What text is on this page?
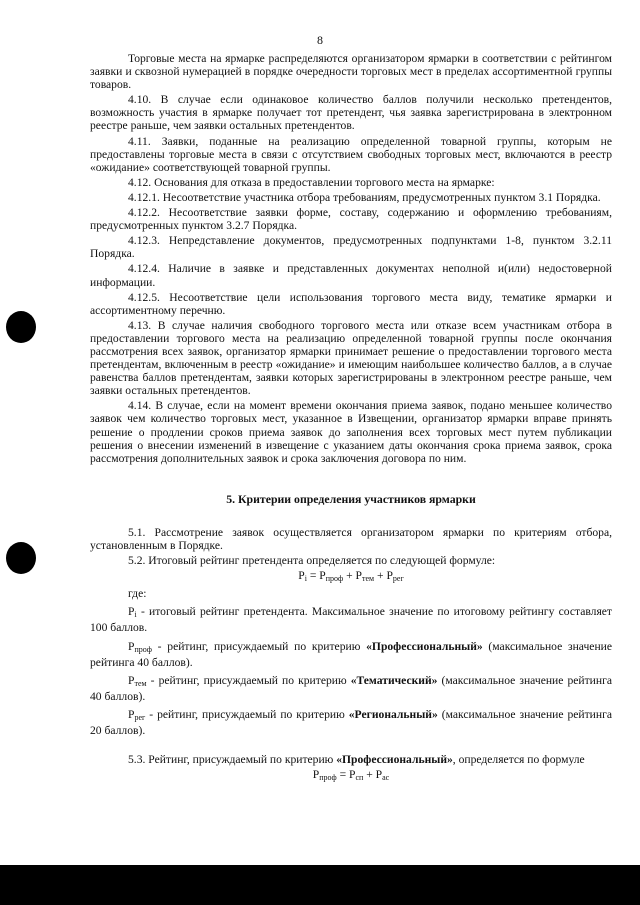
8

Торговые места на ярмарке распределяются организатором ярмарки в соответствии с рейтингом заявки и сквозной нумерацией в порядке очередности торговых мест в пределах ассортиментной группы товаров.

4.10. В случае если одинаковое количество баллов получили несколько претендентов, возможность участия в ярмарке получает тот претендент, чья заявка зарегистрирована в электронном реестре раньше, чем заявки остальных претендентов.

4.11. Заявки, поданные на реализацию определенной товарной группы, которым не предоставлены торговые места в связи с отсутствием свободных торговых мест, включаются в реестр «ожидание» соответствующей товарной группы.

4.12. Основания для отказа в предоставлении торгового места на ярмарке:

4.12.1. Несоответствие участника отбора требованиям, предусмотренных пунктом 3.1 Порядка.

4.12.2. Несоответствие заявки форме, составу, содержанию и оформлению требованиям, предусмотренных пунктом 3.2.7 Порядка.

4.12.3. Непредставление документов, предусмотренных подпунктами 1-8, пунктом 3.2.11 Порядка.

4.12.4. Наличие в заявке и представленных документах неполной и(или) недостоверной информации.

4.12.5. Несоответствие цели использования торгового места виду, тематике ярмарки и ассортиментному перечню.

4.13. В случае наличия свободного торгового места или отказе всем участникам отбора в предоставлении торгового места на реализацию определенной товарной группы после окончания рассмотрения всех заявок, организатор ярмарки принимает решение о предоставлении торгового места претендентам, включенным в реестр «ожидание» и имеющим наибольшее количество баллов, а в случае равенства баллов претендентам, заявки которых зарегистрированы в электронном реестре раньше, чем заявки остальных претендентов.

4.14. В случае, если на момент времени окончания приема заявок, подано меньшее количество заявок чем количество торговых мест, указанное в Извещении, организатор ярмарки вправе принять решение о продлении сроков приема заявок до заполнения всех торговых мест путем публикации решения о внесении изменений в извещение с указанием даты окончания срока приема заявок, срока рассмотрения дополнительных заявок и срока заключения договора по ним.

5. Критерии определения участников ярмарки

5.1. Рассмотрение заявок осуществляется организатором ярмарки по критериям отбора, установленным в Порядке.

5.2. Итоговый рейтинг претендента определяется по следующей формуле:

$P_i = P_{проф} + P_{тем} + P_{рег}$

где:

$P_i$ - итоговый рейтинг претендента. Максимальное значение по итоговому рейтингу составляет 100 баллов.

$P_{проф}$ - рейтинг, присуждаемый по критерию «Профессиональный» (максимальное значение рейтинга 40 баллов).

$P_{тем}$ - рейтинг, присуждаемый по критерию «Тематический» (максимальное значение рейтинга 40 баллов).

$P_{рег}$ - рейтинг, присуждаемый по критерию «Региональный» (максимальное значение рейтинга 20 баллов).

5.3. Рейтинг, присуждаемый по критерию «Профессиональный», определяется по формуле

$P_{проф} = P_{сп} + P_{ас}$
